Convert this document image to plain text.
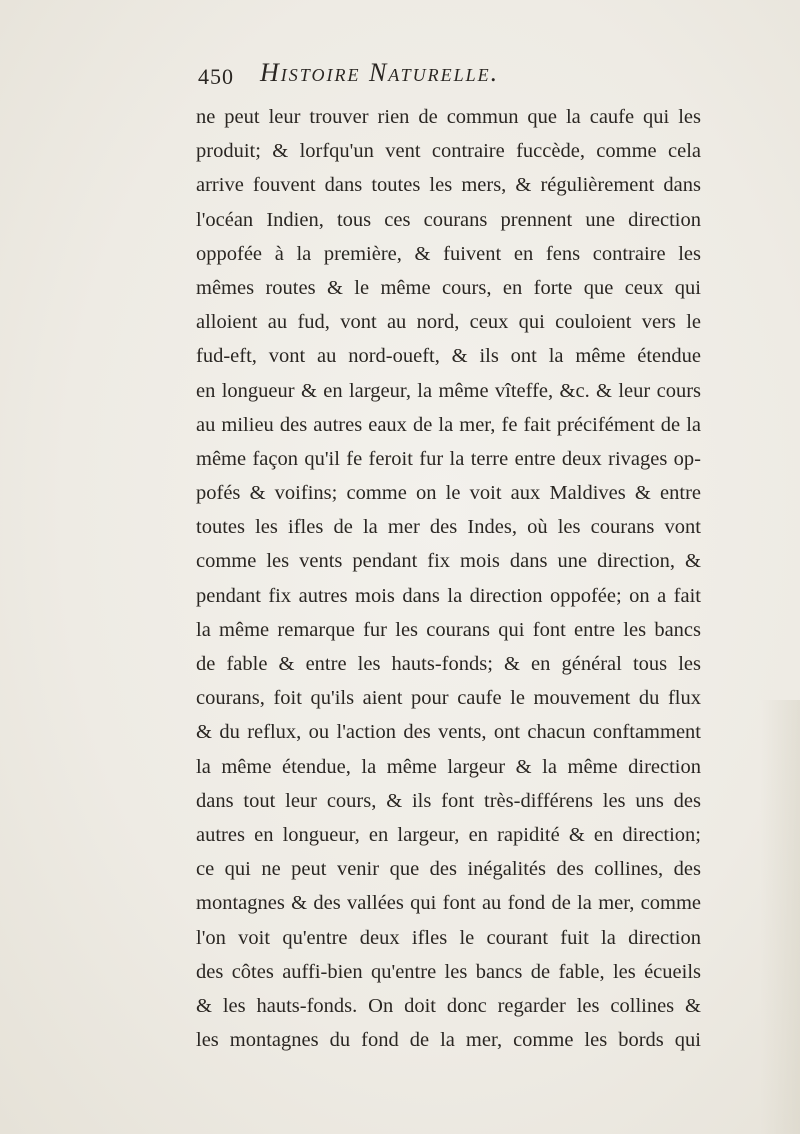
450 Histoire Naturelle.
ne peut leur trouver rien de commun que la caufe qui les
produit; & lorfqu'un vent contraire fuccède, comme cela
arrive fouvent dans toutes les mers, & régulièrement dans
l'océan Indien, tous ces courans prennent une direction
oppofée à la première, & fuivent en fens contraire les
mêmes routes & le même cours, en forte que ceux qui
alloient au fud, vont au nord, ceux qui couloient vers le
fud-eft, vont au nord-oueft, & ils ont la même étendue
en longueur & en largeur, la même vîteffe, &c. & leur cours
au milieu des autres eaux de la mer, fe fait précifément de la
même façon qu'il fe feroit fur la terre entre deux rivages op-
pofés & voifins; comme on le voit aux Maldives & entre
toutes les ifles de la mer des Indes, où les courans vont
comme les vents pendant fix mois dans une direction, &
pendant fix autres mois dans la direction oppofée; on a fait
la même remarque fur les courans qui font entre les bancs
de fable & entre les hauts-fonds; & en général tous les
courans, foit qu'ils aient pour caufe le mouvement du flux
& du reflux, ou l'action des vents, ont chacun conftamment
la même étendue, la même largeur & la même direction
dans tout leur cours, & ils font très-différens les uns des
autres en longueur, en largeur, en rapidité & en direction;
ce qui ne peut venir que des inégalités des collines, des
montagnes & des vallées qui font au fond de la mer, comme
l'on voit qu'entre deux ifles le courant fuit la direction
des côtes auffi-bien qu'entre les bancs de fable, les écueils
& les hauts-fonds. On doit donc regarder les collines &
les montagnes du fond de la mer, comme les bords qui
